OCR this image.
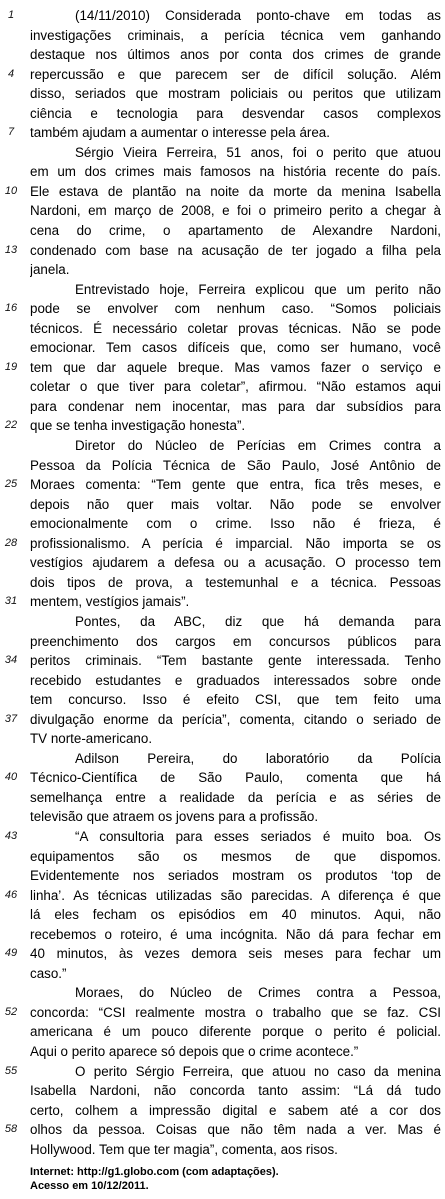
1	(14/11/2010) Considerada ponto-chave em todas as
investigações criminais, a perícia técnica vem ganhando
destaque nos últimos anos por conta dos crimes de grande
4	repercussão e que parecem ser de difícil solução. Além
disso, seriados que mostram policiais ou peritos que utilizam
ciência e tecnologia para desvendar casos complexos
7	também ajudam a aumentar o interesse pela área.
Sérgio Vieira Ferreira, 51 anos, foi o perito que atuou
em um dos crimes mais famosos na história recente do país.
10 Ele estava de plantão na noite da morte da menina Isabella
Nardoni, em março de 2008, e foi o primeiro perito a chegar à
cena do crime, o apartamento de Alexandre Nardoni,
13 condenado com base na acusação de ter jogado a filha pela
janela.
Entrevistado hoje, Ferreira explicou que um perito não
16 pode se envolver com nenhum caso. “Somos policiais
técnicos. É necessário coletar provas técnicas. Não se pode
emocionar. Tem casos difíceis que, como ser humano, você
19 tem que dar aquele breque. Mas vamos fazer o serviço e
coletar o que tiver para coletar”, afirmou. “Não estamos aqui
para condenar nem inocentar, mas para dar subsídios para
22 que se tenha investigação honesta”.
Diretor do Núcleo de Perícias em Crimes contra a
Pessoa da Polícia Técnica de São Paulo, José Antônio de
25 Moraes comenta: “Tem gente que entra, fica três meses, e
depois não quer mais voltar. Não pode se envolver
emocionalmente com o crime. Isso não é frieza, é
28 profissionalismo. A perícia é imparcial. Não importa se os
vestígios ajudarem a defesa ou a acusação. O processo tem
dois tipos de prova, a testemunhal e a técnica. Pessoas
31 mentem, vestígios jamais”.
Pontes, da ABC, diz que há demanda para
preenchimento dos cargos em concursos públicos para
34 peritos criminais. “Tem bastante gente interessada. Tenho
recebido estudantes e graduados interessados sobre onde
tem concurso. Isso é efeito CSI, que tem feito uma
37 divulgação enorme da perícia”, comenta, citando o seriado de
TV norte-americano.
Adilson Pereira, do laboratório da Polícia
40 Técnico-Científica de São Paulo, comenta que há
semelhança entre a realidade da perícia e as séries de
televisão que atraem os jovens para a profissão.
43	“A consultoria para esses seriados é muito boa. Os
equipamentos são os mesmos de que dispomos.
Evidentemente nos seriados mostram os produtos ‘top de
46 linha’. As técnicas utilizadas são parecidas. A diferença é que
lá eles fecham os episódios em 40 minutos. Aqui, não
recebemos o roteiro, é uma incógnita. Não dá para fechar em
49 40 minutos, às vezes demora seis meses para fechar um
caso.”
Moraes, do Núcleo de Crimes contra a Pessoa,
52 concorda: “CSI realmente mostra o trabalho que se faz. CSI
americana é um pouco diferente porque o perito é policial.
Aqui o perito aparece só depois que o crime acontece.”
55	O perito Sérgio Ferreira, que atuou no caso da menina
Isabella Nardoni, não concorda tanto assim: “Lá dá tudo
certo, colhem a impressão digital e sabem até a cor dos
58 olhos da pessoa. Coisas que não têm nada a ver. Mas é
Hollywood. Tem que ter magia”, comenta, aos risos.
Internet: http://g1.globo.com (com adaptações).
Acesso em 10/12/2011.
